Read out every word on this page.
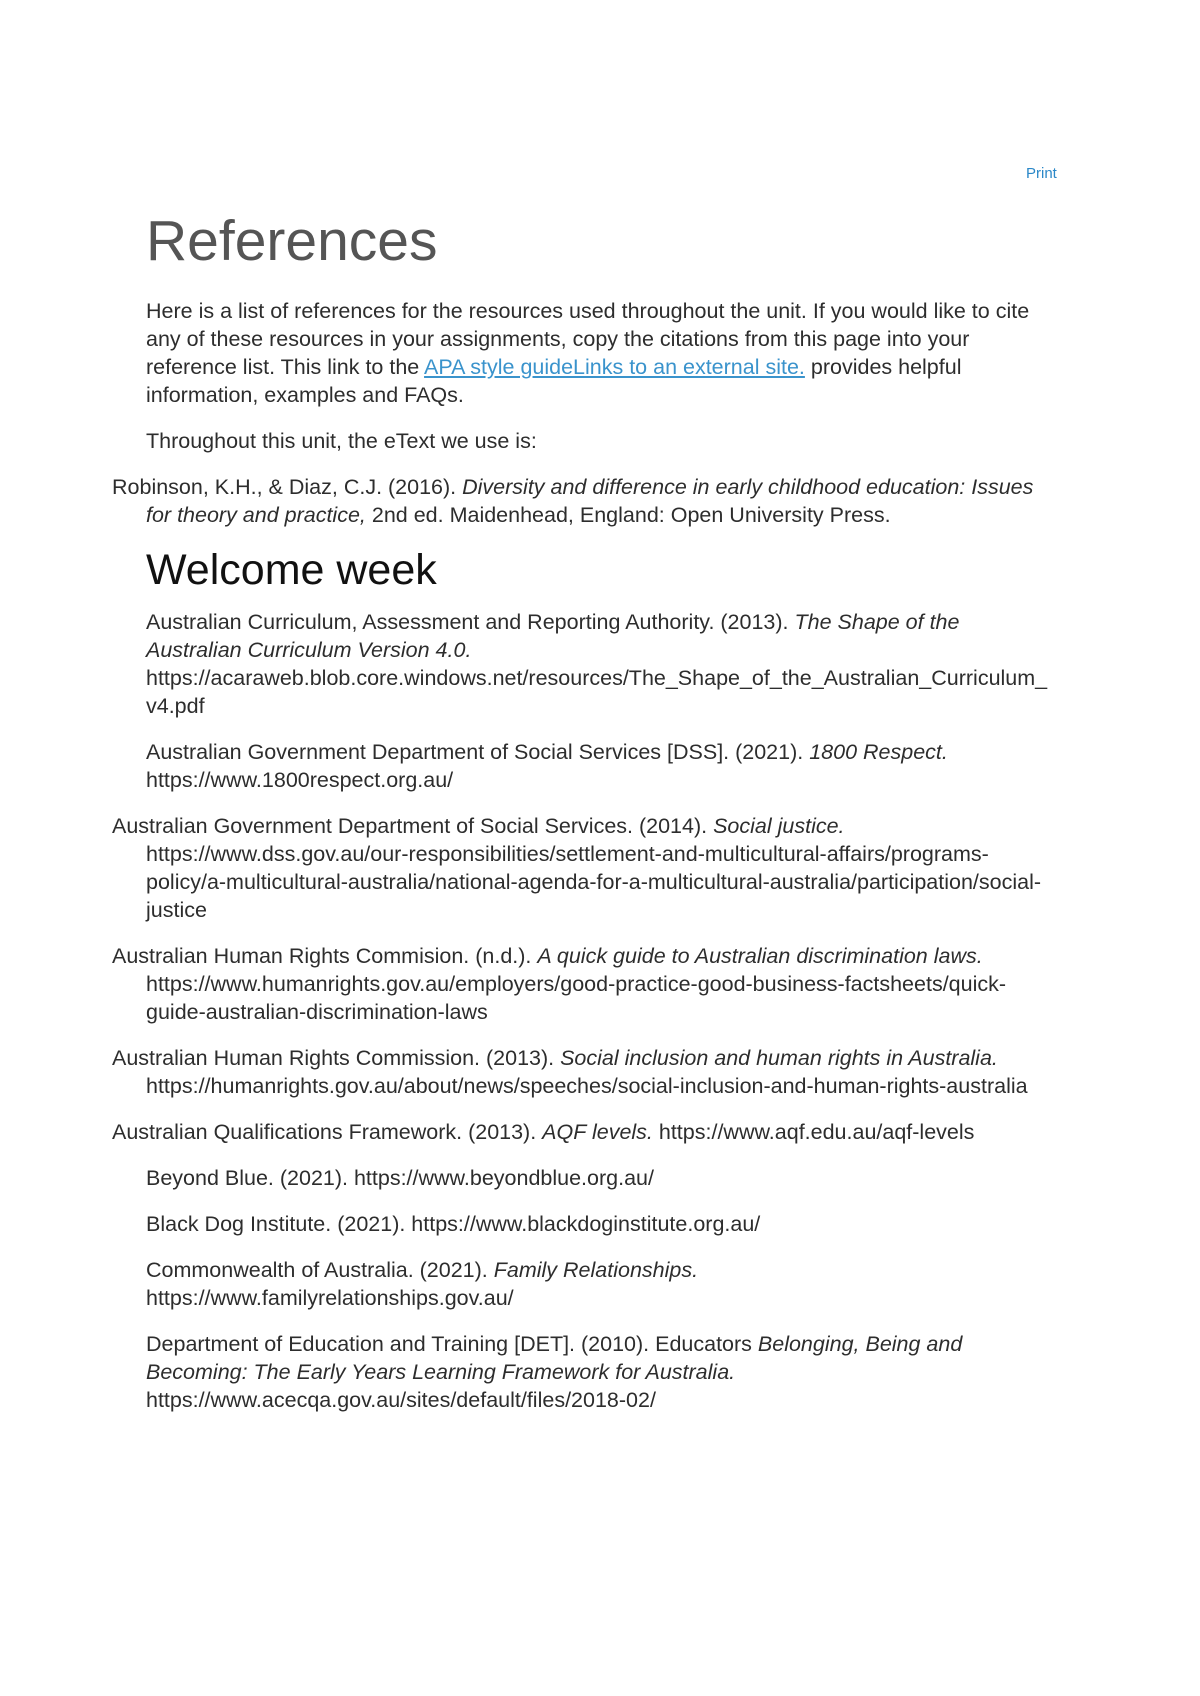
Print
References

Here is a list of references for the resources used throughout the unit. If you would like to cite any of these resources in your assignments, copy the citations from this page into your reference list. This link to the APA style guideLinks to an external site. provides helpful information, examples and FAQs.

Throughout this unit, the eText we use is:

Robinson, K.H., & Diaz, C.J. (2016). Diversity and difference in early childhood education: Issues for theory and practice, 2nd ed. Maidenhead, England: Open University Press.
Welcome week
Australian Curriculum, Assessment and Reporting Authority. (2013). The Shape of the Australian Curriculum Version 4.0. https://acaraweb.blob.core.windows.net/resources/The_Shape_of_the_Australian_Curriculum_v4.pdf
Australian Government Department of Social Services [DSS]. (2021). 1800 Respect. https://www.1800respect.org.au/
Australian Government Department of Social Services. (2014). Social justice. https://www.dss.gov.au/our-responsibilities/settlement-and-multicultural-affairs/programs-policy/a-multicultural-australia/national-agenda-for-a-multicultural-australia/participation/social-justice
Australian Human Rights Commision. (n.d.). A quick guide to Australian discrimination laws. https://www.humanrights.gov.au/employers/good-practice-good-business-factsheets/quick-guide-australian-discrimination-laws
Australian Human Rights Commission. (2013). Social inclusion and human rights in Australia. https://humanrights.gov.au/about/news/speeches/social-inclusion-and-human-rights-australia
Australian Qualifications Framework. (2013). AQF levels. https://www.aqf.edu.au/aqf-levels
Beyond Blue. (2021). https://www.beyondblue.org.au/
Black Dog Institute. (2021). https://www.blackdoginstitute.org.au/
Commonwealth of Australia. (2021). Family Relationships. https://www.familyrelationships.gov.au/
Department of Education and Training [DET]. (2010). Educators Belonging, Being and Becoming: The Early Years Learning Framework for Australia. https://www.acecqa.gov.au/sites/default/files/2018-02/
